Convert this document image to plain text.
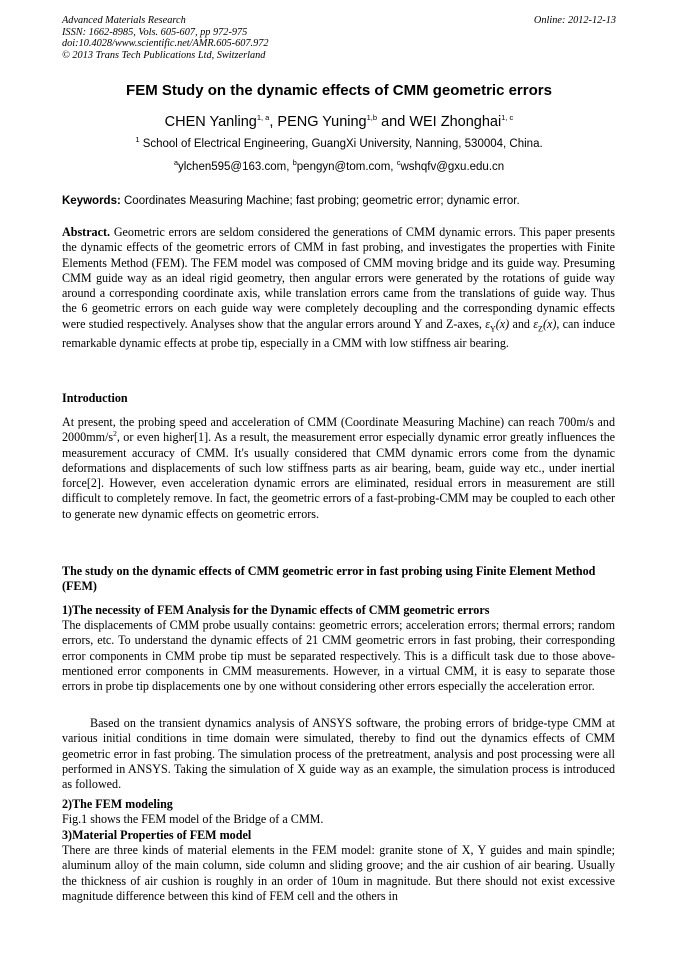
Advanced Materials Research
ISSN: 1662-8985, Vols. 605-607, pp 972-975
doi:10.4028/www.scientific.net/AMR.605-607.972
© 2013 Trans Tech Publications Ltd, Switzerland
Online: 2012-12-13
FEM Study on the dynamic effects of CMM geometric errors
CHEN Yanling$^{1, a}$, PENG Yuning$^{1,b}$ and WEI Zhonghai$^{1, c}$
$^1$ School of Electrical Engineering, GuangXi University, Nanning, 530004, China.
$^a$ylchen595@163.com, $^b$pengyn@tom.com, $^c$wshqfv@gxu.edu.cn
Keywords: Coordinates Measuring Machine; fast probing; geometric error; dynamic error.
Abstract. Geometric errors are seldom considered the generations of CMM dynamic errors. This paper presents the dynamic effects of the geometric errors of CMM in fast probing, and investigates the properties with Finite Elements Method (FEM). The FEM model was composed of CMM moving bridge and its guide way. Presuming CMM guide way as an ideal rigid geometry, then angular errors were generated by the rotations of guide way around a corresponding coordinate axis, while translation errors came from the translations of guide way. Thus the 6 geometric errors on each guide way were completely decoupling and the corresponding dynamic effects were studied respectively. Analyses show that the angular errors around Y and Z-axes, $\varepsilon_Y(x)$ and $\varepsilon_Z(x)$, can induce remarkable dynamic effects at probe tip, especially in a CMM with low stiffness air bearing.
Introduction
At present, the probing speed and acceleration of CMM (Coordinate Measuring Machine) can reach 700m/s and $2000mm/s^2$, or even higher[1]. As a result, the measurement error especially dynamic error greatly influences the measurement accuracy of CMM. It's usually considered that CMM dynamic errors come from the dynamic deformations and displacements of such low stiffness parts as air bearing, beam, guide way etc., under inertial force[2]. However, even acceleration dynamic errors are eliminated, residual errors in measurement are still difficult to completely remove. In fact, the geometric errors of a fast-probing-CMM may be coupled to each other to generate new dynamic effects on geometric errors.
The study on the dynamic effects of CMM geometric error in fast probing using Finite Element Method (FEM)
1)The necessity of FEM Analysis for the Dynamic effects of CMM geometric errors
The displacements of CMM probe usually contains: geometric errors; acceleration errors; thermal errors; random errors, etc. To understand the dynamic effects of 21 CMM geometric errors in fast probing, their corresponding error components in CMM probe tip must be separated respectively. This is a difficult task due to those above-mentioned error components in CMM measurements. However, in a virtual CMM, it is easy to separate those errors in probe tip displacements one by one without considering other errors especially the acceleration error.
Based on the transient dynamics analysis of ANSYS software, the probing errors of bridge-type CMM at various initial conditions in time domain were simulated, thereby to find out the dynamics effects of CMM geometric error in fast probing. The simulation process of the pretreatment, analysis and post processing were all performed in ANSYS. Taking the simulation of X guide way as an example, the simulation process is introduced as followed.
2)The FEM modeling
Fig.1 shows the FEM model of the Bridge of a CMM.
3)Material Properties of FEM model
There are three kinds of material elements in the FEM model: granite stone of X, Y guides and main spindle; aluminum alloy of the main column, side column and sliding groove; and the air cushion of air bearing. Usually the thickness of air cushion is roughly in an order of 10um in magnitude. But there should not exist excessive magnitude difference between this kind of FEM cell and the others in
